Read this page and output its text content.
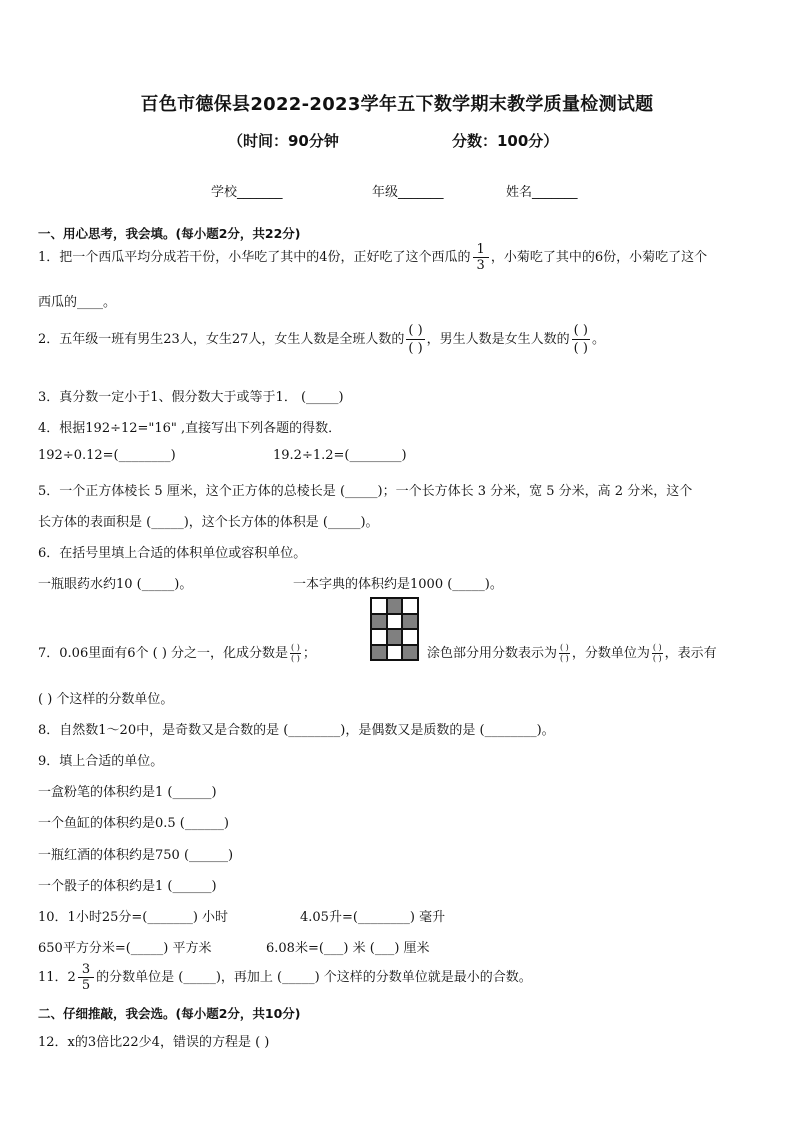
百色市德保县2022-2023学年五下数学期末教学质量检测试题
（时间：90分钟	分数：100分）
学校_______	年级_______	姓名_______
一、用心思考，我会填。(每小题2分，共22分)
1．把一个西瓜平均分成若干份，小华吃了其中的4份，正好吃了这个西瓜的 $\frac{1}{3}$ ，小菊吃了其中的6份，小菊吃了这个
西瓜的____。
2．五年级一班有男生23人，女生27人，女生人数是全班人数的 $\frac{( )}{( )}$ ，男生人数是女生人数的 $\frac{( )}{( )}$ 。
3．真分数一定小于1、假分数大于或等于1． (_____)
4．根据192÷12="16" ,直接写出下列各题的得数．
192÷0.12=(________)	19.2÷1.2=(________)
5．一个正方体棱长 5 厘米，这个正方体的总棱长是 (_____)；一个长方体长 3 分米，宽 5 分米，高 2 分米，这个
长方体的表面积是 (_____)，这个长方体的体积是 (_____)。
6．在括号里填上合适的体积单位或容积单位。
一瓶眼药水约10 (_____)。	一本字典的体积约是1000 (_____)。
7．0.06里面有6个 ( ) 分之一，化成分数是 $\frac{( )}{( )}$ ；	涂色部分用分数表示为 $\frac{( )}{( )}$ ，分数单位为 $\frac{( )}{( )}$ ，表示有
( ) 个这样的分数单位。
8．自然数1～20中，是奇数又是合数的是 (________)，是偶数又是质数的是 (________)。
9．填上合适的单位。
一盒粉笔的体积约是1 (______)
一个鱼缸的体积约是0.5 (______)
一瓶红酒的体积约是750 (______)
一个骰子的体积约是1 (______)
10．1小时25分=(_______) 小时	4.05升=(________) 毫升
650平方分米=(_____) 平方米	6.08米=(___) 米 (___) 厘米
11．$2 \frac{3}{5}$ 的分数单位是 (_____)，再加上 (_____) 个这样的分数单位就是最小的合数。
二、仔细推敲，我会选。(每小题2分，共10分)
12．x的3倍比22少4，错误的方程是 ( )
